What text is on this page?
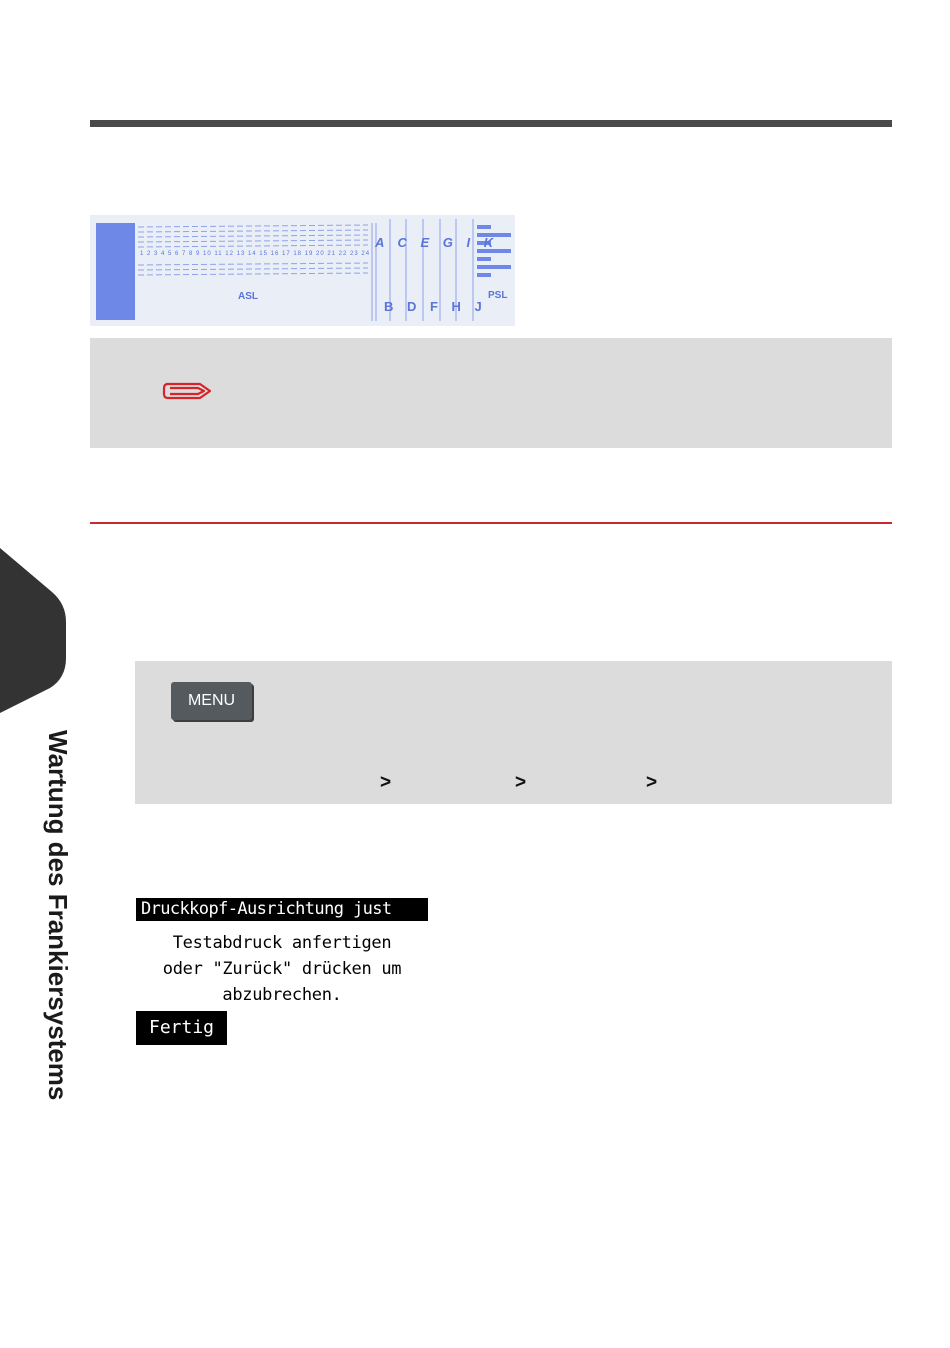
1 2 3 4 5 6 7 8 9 10 11 12 13 14 15 16 17 18 19 20 21 22 23 24
A C E G I K
B D F H J
ASL	PSL
Wartung des Frankiersystems
MENU
>	>	>
Druckkopf-Ausrichtung just
Testabdruck anfertigen
oder "Zurück" drücken um
abzubrechen.
Fertig
